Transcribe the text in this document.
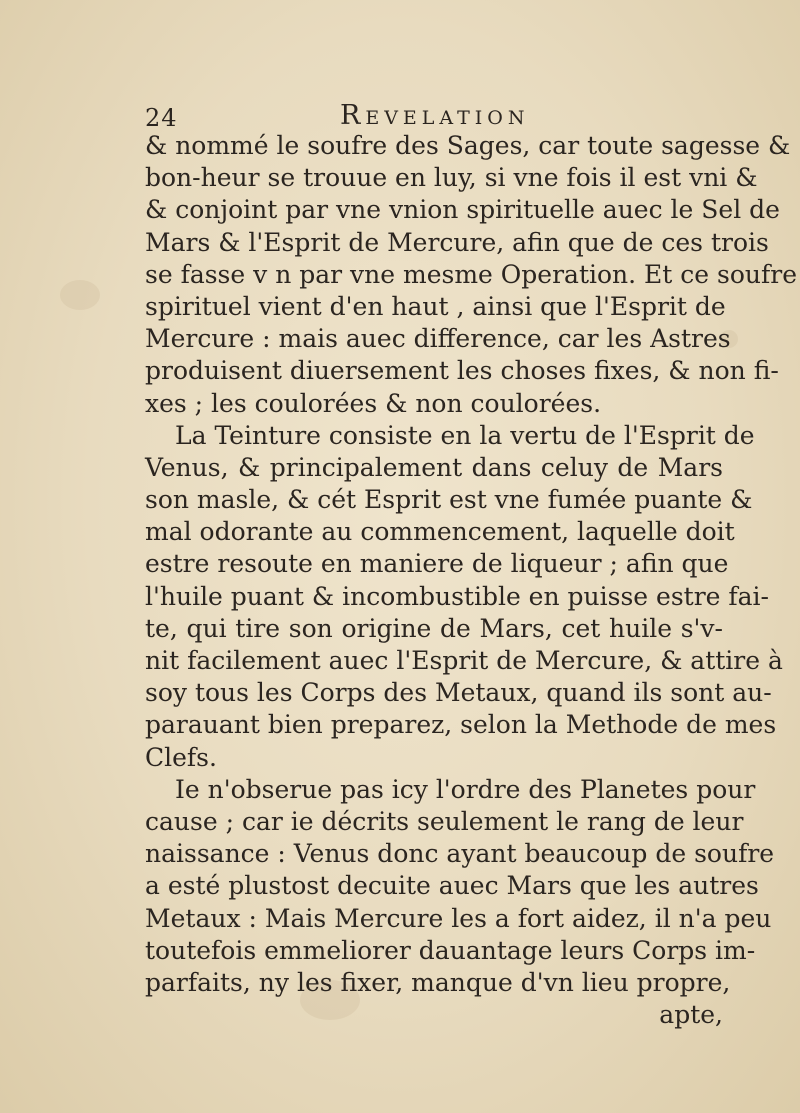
24	Revelation
& nommé le soufre des Sages, car toute sagesse &
bon-heur se trouue en luy, si vne fois il est vni &
& conjoint par vne vnion spirituelle auec le Sel de
Mars & l'Esprit de Mercure, afin que de ces trois
se fasse v n par vne mesme Operation. Et ce soufre
spirituel vient d'en haut , ainsi que l'Esprit de
Mercure : mais auec difference, car les Astres
produisent diuersement les choses fixes, & non fi-
xes ; les coulorées & non coulorées.
La Teinture consiste en la vertu de l'Esprit de
Venus, & principalement dans celuy de Mars
son masle, & cét Esprit est vne fumée puante &
mal odorante au commencement, laquelle doit
estre resoute en maniere de liqueur ; afin que
l'huile puant & incombustible en puisse estre fai-
te, qui tire son origine de Mars, cet huile s'v-
nit facilement auec l'Esprit de Mercure, & attire à
soy tous les Corps des Metaux, quand ils sont au-
parauant bien preparez, selon la Methode de mes
Clefs.
Ie n'obserue pas icy l'ordre des Planetes pour
cause ; car ie décrits seulement le rang de leur
naissance : Venus donc ayant beaucoup de soufre
a esté plustost decuite auec Mars que les autres
Metaux : Mais Mercure les a fort aidez, il n'a peu
toutefois emmeliorer dauantage leurs Corps im-
parfaits, ny les fixer, manque d'vn lieu propre,
apte,
